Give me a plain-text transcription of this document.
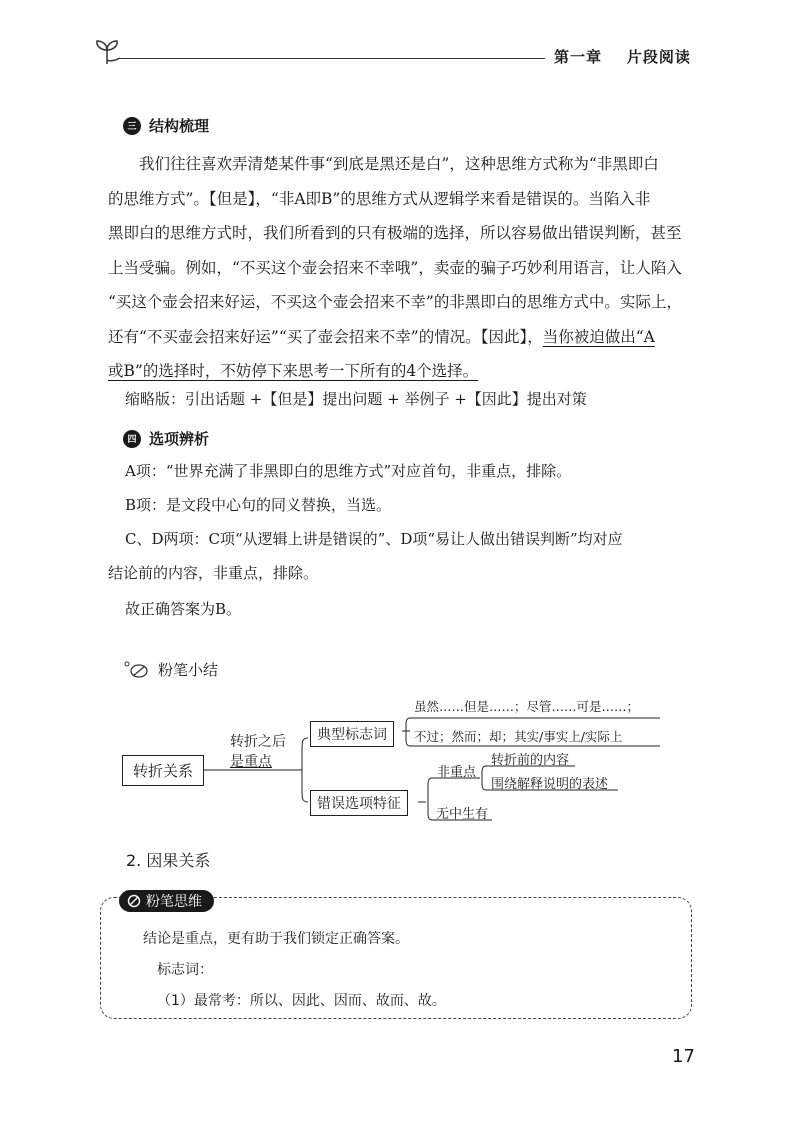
第一章 片段阅读
三 结构梳理
我们往往喜欢弄清楚某件事“到底是黑还是白”，这种思维方式称为“非黑即白
的思维方式”。【但是】，“非A即B”的思维方式从逻辑学来看是错误的。当陷入非
黑即白的思维方式时，我们所看到的只有极端的选择，所以容易做出错误判断，甚至
上当受骗。例如，“不买这个壶会招来不幸哦”，卖壶的骗子巧妙利用语言，让人陷入
“买这个壶会招来好运，不买这个壶会招来不幸”的非黑即白的思维方式中。实际上，
还有“不买壶会招来好运”“买了壶会招来不幸”的情况。【因此】，当你被迫做出“A
或B”的选择时，不妨停下来思考一下所有的4个选择。
缩略版：引出话题 +【但是】提出问题 + 举例子 +【因此】提出对策
四 选项辨析
A项：“世界充满了非黑即白的思维方式”对应首句，非重点，排除。
B项：是文段中心句的同义替换，当选。
C、D两项：C项“从逻辑上讲是错误的”、D项“易让人做出错误判断”均对应
结论前的内容，非重点，排除。
故正确答案为B。
粉笔小结
转折关系
转折之后
是重点
典型标志词
虽然……但是……；尽管……可是……；
不过；然而；却；其实/事实上/实际上
错误选项特征
非重点
转折前的内容
围绕解释说明的表述
无中生有
2. 因果关系
粉笔思维
结论是重点，更有助于我们锁定正确答案。
标志词：
（1）最常考：所以、因此、因而、故而、故。
17
